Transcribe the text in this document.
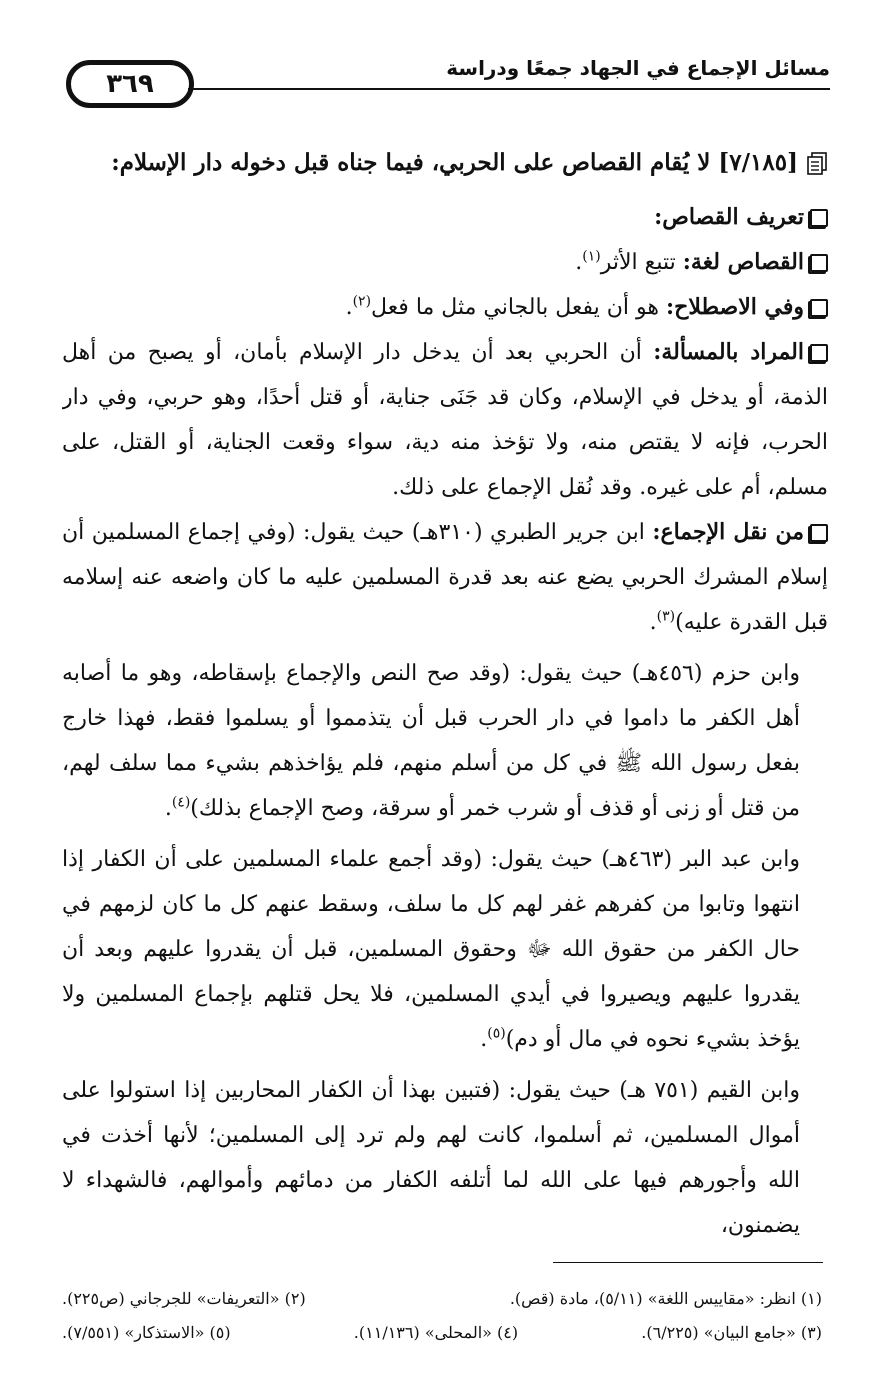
٣٦٩
مسائل الإجماع في الجهاد جمعًا ودراسة

[٧/١٨٥] لا يُقام القصاص على الحربي، فيما جناه قبل دخوله دار الإسلام:

تعريف القصاص:

القصاص لغة: تتبع الأثر$^{(١)}$.

وفي الاصطلاح: هو أن يفعل بالجاني مثل ما فعل$^{(٢)}$.

المراد بالمسألة: أن الحربي بعد أن يدخل دار الإسلام بأمان، أو يصبح من أهل الذمة، أو يدخل في الإسلام، وكان قد جَنَى جناية، أو قتل أحدًا، وهو حربي، وفي دار الحرب، فإنه لا يقتص منه، ولا تؤخذ منه دية، سواء وقعت الجناية، أو القتل، على مسلم، أم على غيره. وقد نُقل الإجماع على ذلك.

من نقل الإجماع: ابن جرير الطبري (٣١٠هـ) حيث يقول: (وفي إجماع المسلمين أن إسلام المشرك الحربي يضع عنه بعد قدرة المسلمين عليه ما كان واضعه عنه إسلامه قبل القدرة عليه)$^{(٣)}$.

وابن حزم (٤٥٦هـ) حيث يقول: (وقد صح النص والإجماع بإسقاطه، وهو ما أصابه أهل الكفر ما داموا في دار الحرب قبل أن يتذمموا أو يسلموا فقط، فهذا خارج بفعل رسول الله ﷺ في كل من أسلم منهم، فلم يؤاخذهم بشيء مما سلف لهم، من قتل أو زنى أو قذف أو شرب خمر أو سرقة، وصح الإجماع بذلك)$^{(٤)}$.

وابن عبد البر (٤٦٣هـ) حيث يقول: (وقد أجمع علماء المسلمين على أن الكفار إذا انتهوا وتابوا من كفرهم غفر لهم كل ما سلف، وسقط عنهم كل ما كان لزمهم في حال الكفر من حقوق الله ﷻ وحقوق المسلمين، قبل أن يقدروا عليهم وبعد أن يقدروا عليهم ويصيروا في أيدي المسلمين، فلا يحل قتلهم بإجماع المسلمين ولا يؤخذ بشيء نحوه في مال أو دم)$^{(٥)}$.

وابن القيم (٧٥١ هـ) حيث يقول: (فتبين بهذا أن الكفار المحاربين إذا استولوا على أموال المسلمين، ثم أسلموا، كانت لهم ولم ترد إلى المسلمين؛ لأنها أخذت في الله وأجورهم فيها على الله لما أتلفه الكفار من دمائهم وأموالهم، فالشهداء لا يضمنون،

(١) انظر: «مقاييس اللغة» (٥/١١)، مادة (قص).
(٢) «التعريفات» للجرجاني (ص٢٢٥).
(٣) «جامع البيان» (٦/٢٢٥).
(٤) «المحلى» (١١/١٣٦).
(٥) «الاستذكار» (٧/٥٥١).
